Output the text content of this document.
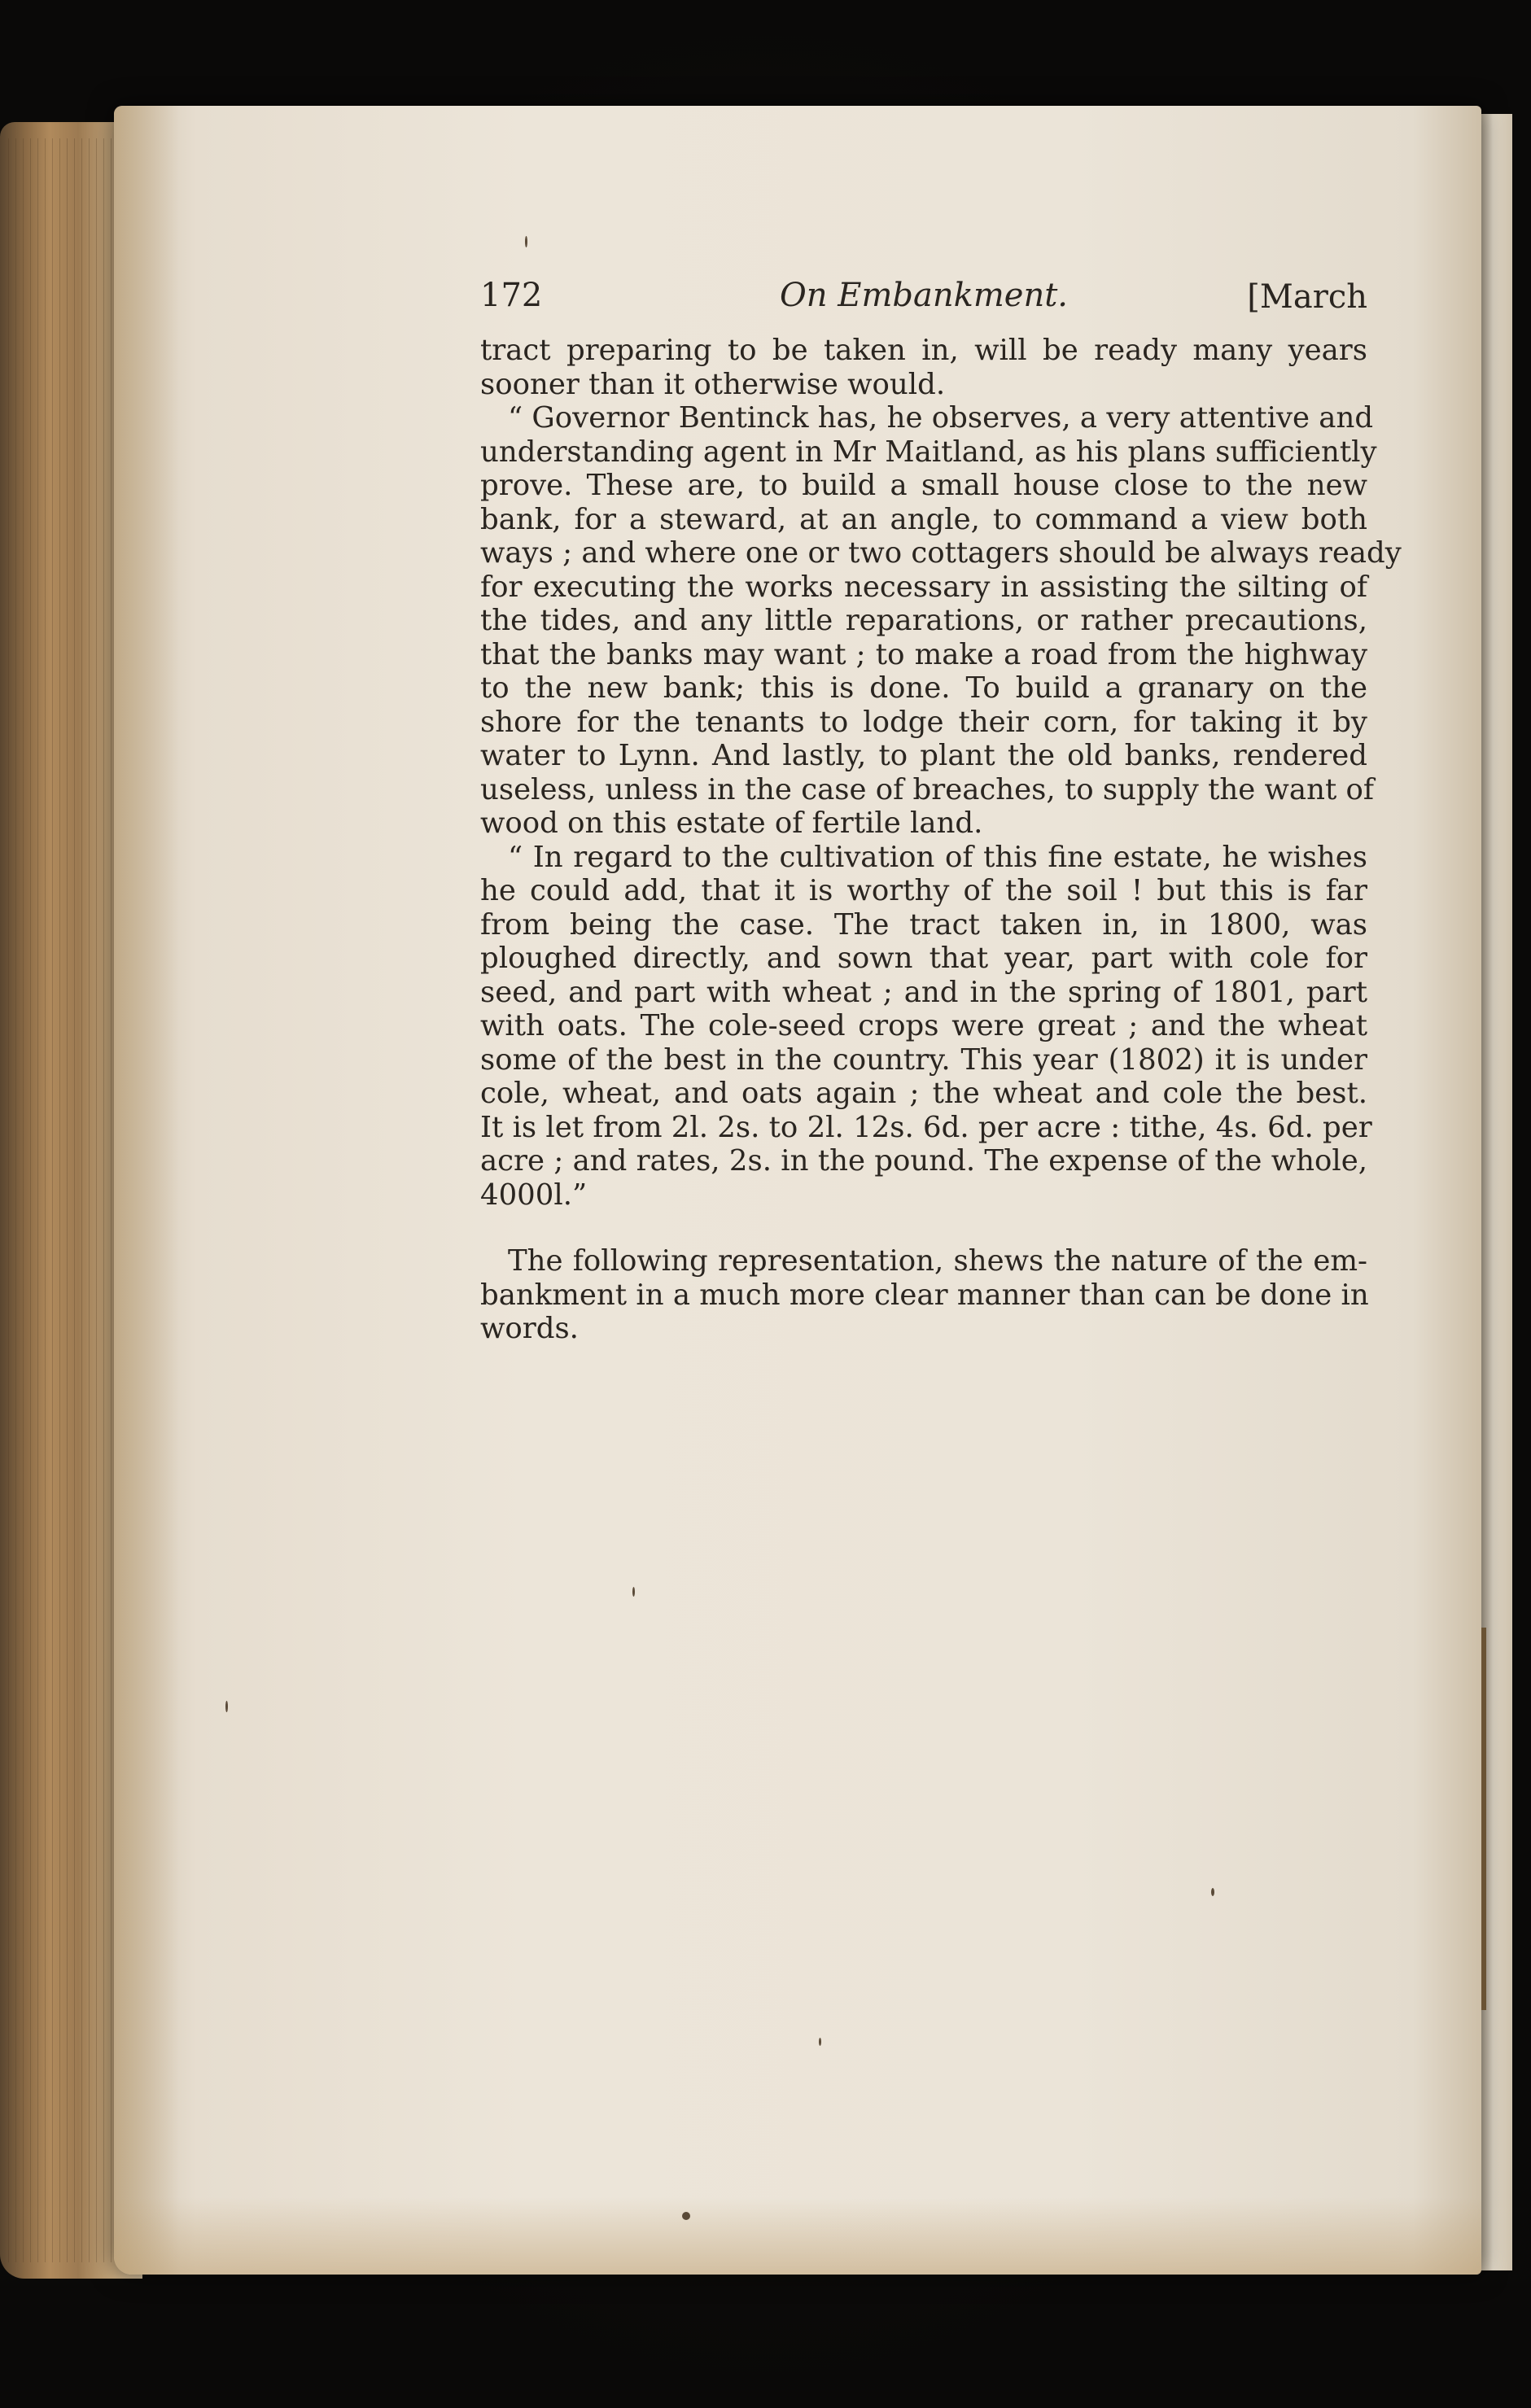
172	On Embankment.	[March
tract preparing to be taken in, will be ready many years
sooner than it otherwise would.
“ Governor Bentinck has, he observes, a very attentive and
understanding agent in Mr Maitland, as his plans sufficiently
prove. These are, to build a small house close to the new
bank, for a steward, at an angle, to command a view both
ways ; and where one or two cottagers should be always ready
for executing the works necessary in assisting the silting of
the tides, and any little reparations, or rather precautions,
that the banks may want ; to make a road from the highway
to the new bank; this is done. To build a granary on the
shore for the tenants to lodge their corn, for taking it by
water to Lynn. And lastly, to plant the old banks, rendered
useless, unless in the case of breaches, to supply the want of
wood on this estate of fertile land.
“ In regard to the cultivation of this fine estate, he wishes
he could add, that it is worthy of the soil ! but this is far
from being the case. The tract taken in, in 1800, was
ploughed directly, and sown that year, part with cole for
seed, and part with wheat ; and in the spring of 1801, part
with oats. The cole-seed crops were great ; and the wheat
some of the best in the country. This year (1802) it is under
cole, wheat, and oats again ; the wheat and cole the best.
It is let from 2l. 2s. to 2l. 12s. 6d. per acre : tithe, 4s. 6d. per
acre ; and rates, 2s. in the pound. The expense of the whole,
4000l.”
The following representation, shews the nature of the em-
bankment in a much more clear manner than can be done in
words.
